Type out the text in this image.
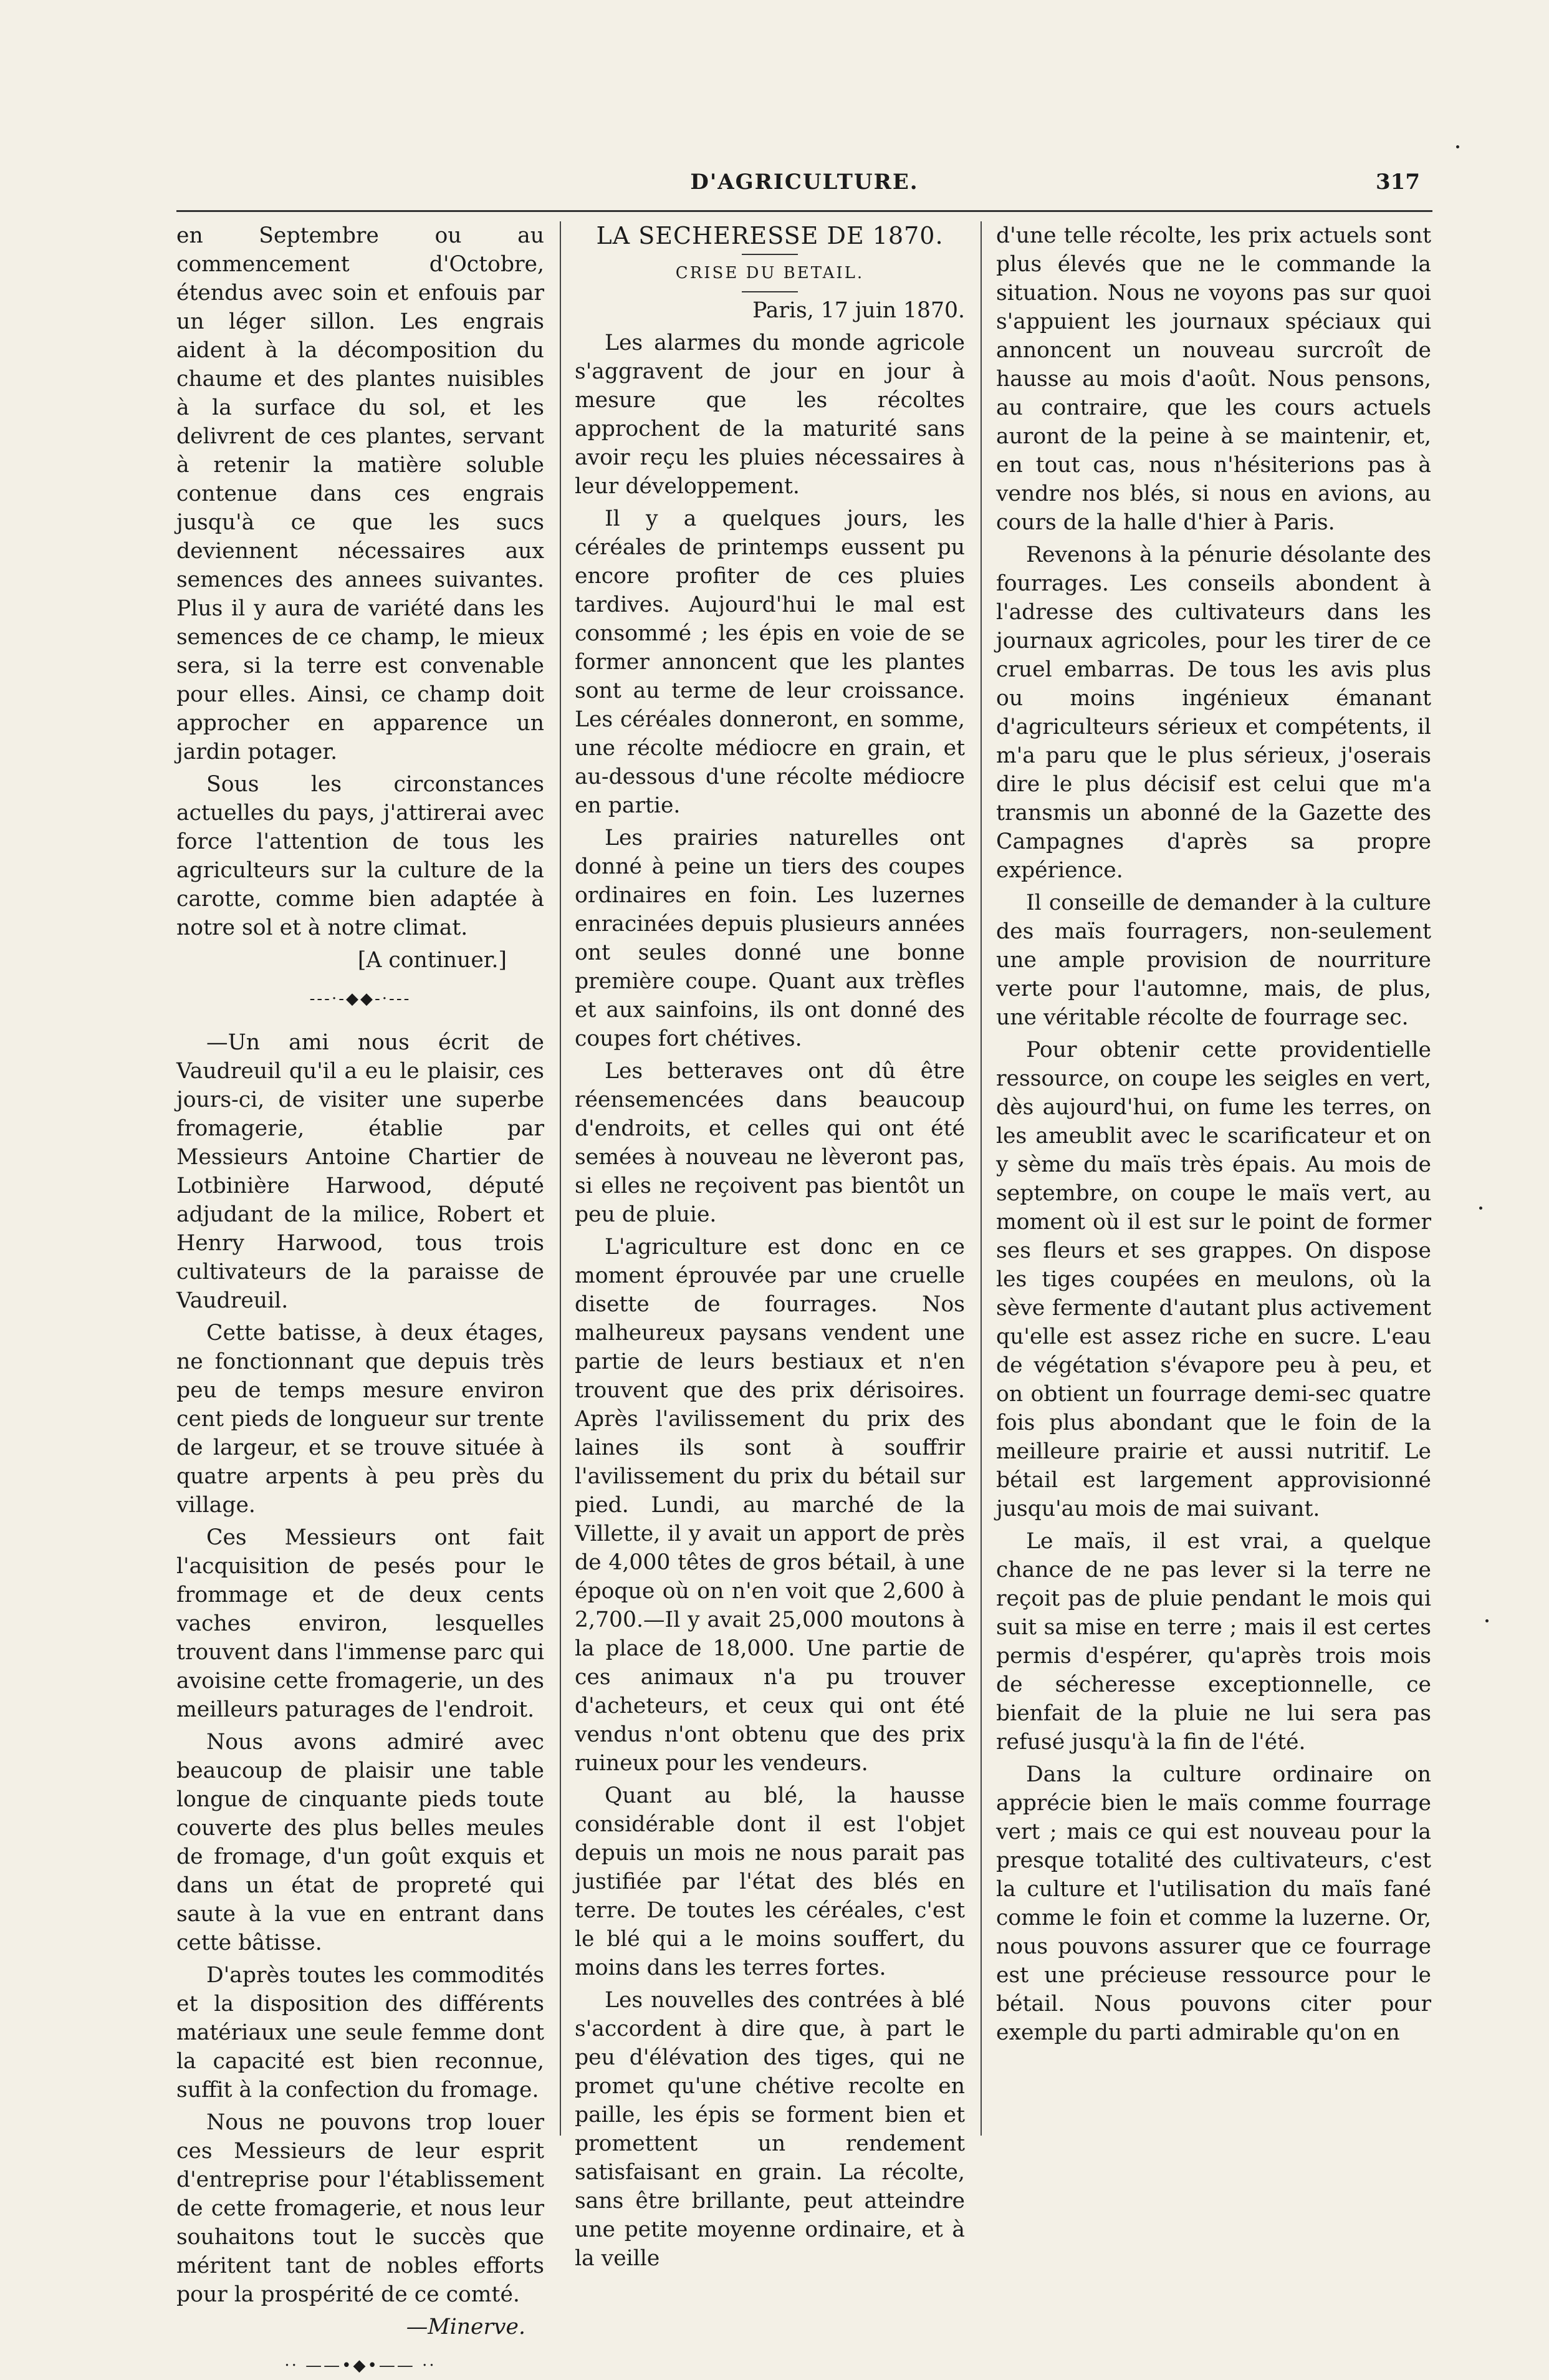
D'AGRICULTURE.	317

en Septembre ou au commencement d'Octobre, étendus avec soin et enfouis par un léger sillon. Les engrais aident à la décomposition du chaume et des plantes nuisibles à la surface du sol, et les delivrent de ces plantes, servant à retenir la matière soluble contenue dans ces engrais jusqu'à ce que les sucs deviennent nécessaires aux semences des annees suivantes. Plus il y aura de variété dans les semences de ce champ, le mieux sera, si la terre est convenable pour elles. Ainsi, ce champ doit approcher en apparence un jardin potager.

Sous les circonstances actuelles du pays, j'attirerai avec force l'attention de tous les agriculteurs sur la culture de la carotte, comme bien adaptée à notre sol et à notre climat.

[A continuer.]

---·-◆◆-·---

—Un ami nous écrit de Vaudreuil qu'il a eu le plaisir, ces jours-ci, de visiter une superbe fromagerie, établie par Messieurs Antoine Chartier de Lotbinière Harwood, député adjudant de la milice, Robert et Henry Harwood, tous trois cultivateurs de la paraisse de Vaudreuil.

Cette batisse, à deux étages, ne fonctionnant que depuis très peu de temps mesure environ cent pieds de longueur sur trente de largeur, et se trouve située à quatre arpents à peu près du village.

Ces Messieurs ont fait l'acquisition de pesés pour le frommage et de deux cents vaches environ, lesquelles trouvent dans l'immense parc qui avoisine cette fromagerie, un des meilleurs paturages de l'endroit.

Nous avons admiré avec beaucoup de plaisir une table longue de cinquante pieds toute couverte des plus belles meules de fromage, d'un goût exquis et dans un état de propreté qui saute à la vue en entrant dans cette bâtisse.

D'après toutes les commodités et la disposition des différents matériaux une seule femme dont la capacité est bien reconnue, suffit à la confection du fromage.

Nous ne pouvons trop louer ces Messieurs de leur esprit d'entreprise pour l'établissement de cette fromagerie, et nous leur souhaitons tout le succès que méritent tant de nobles efforts pour la prospérité de ce comté.

—Minerve.

·· ——•◆•—— ··

LA SECHERESSE DE 1870.

CRISE DU BETAIL.

Paris, 17 juin 1870.

Les alarmes du monde agricole s'aggravent de jour en jour à mesure que les récoltes approchent de la maturité sans avoir reçu les pluies nécessaires à leur développement.

Il y a quelques jours, les céréales de printemps eussent pu encore profiter de ces pluies tardives. Aujourd'hui le mal est consommé ; les épis en voie de se former annoncent que les plantes sont au terme de leur croissance. Les céréales donneront, en somme, une récolte médiocre en grain, et au-dessous d'une récolte médiocre en partie.

Les prairies naturelles ont donné à peine un tiers des coupes ordinaires en foin. Les luzernes enracinées depuis plusieurs années ont seules donné une bonne première coupe. Quant aux trèfles et aux sainfoins, ils ont donné des coupes fort chétives.

Les betteraves ont dû être réensemencées dans beaucoup d'endroits, et celles qui ont été semées à nouveau ne lèveront pas, si elles ne reçoivent pas bientôt un peu de pluie.

L'agriculture est donc en ce moment éprouvée par une cruelle disette de fourrages. Nos malheureux paysans vendent une partie de leurs bestiaux et n'en trouvent que des prix dérisoires. Après l'avilissement du prix des laines ils sont à souffrir l'avilissement du prix du bétail sur pied. Lundi, au marché de la Villette, il y avait un apport de près de 4,000 têtes de gros bétail, à une époque où on n'en voit que 2,600 à 2,700.—Il y avait 25,000 moutons à la place de 18,000. Une partie de ces animaux n'a pu trouver d'acheteurs, et ceux qui ont été vendus n'ont obtenu que des prix ruineux pour les vendeurs.

Quant au blé, la hausse considérable dont il est l'objet depuis un mois ne nous parait pas justifiée par l'état des blés en terre. De toutes les céréales, c'est le blé qui a le moins souffert, du moins dans les terres fortes.

Les nouvelles des contrées à blé s'accordent à dire que, à part le peu d'élévation des tiges, qui ne promet qu'une chétive recolte en paille, les épis se forment bien et promettent un rendement satisfaisant en grain. La récolte, sans être brillante, peut atteindre une petite moyenne ordinaire, et à la veille

d'une telle récolte, les prix actuels sont plus élevés que ne le commande la situation. Nous ne voyons pas sur quoi s'appuient les journaux spéciaux qui annoncent un nouveau surcroît de hausse au mois d'août. Nous pensons, au contraire, que les cours actuels auront de la peine à se maintenir, et, en tout cas, nous n'hésiterions pas à vendre nos blés, si nous en avions, au cours de la halle d'hier à Paris.

Revenons à la pénurie désolante des fourrages. Les conseils abondent à l'adresse des cultivateurs dans les journaux agricoles, pour les tirer de ce cruel embarras. De tous les avis plus ou moins ingénieux émanant d'agriculteurs sérieux et compétents, il m'a paru que le plus sérieux, j'oserais dire le plus décisif est celui que m'a transmis un abonné de la Gazette des Campagnes d'après sa propre expérience.

Il conseille de demander à la culture des maïs fourragers, non-seulement une ample provision de nourriture verte pour l'automne, mais, de plus, une véritable récolte de fourrage sec.

Pour obtenir cette providentielle ressource, on coupe les seigles en vert, dès aujourd'hui, on fume les terres, on les ameublit avec le scarificateur et on y sème du maïs très épais. Au mois de septembre, on coupe le maïs vert, au moment où il est sur le point de former ses fleurs et ses grappes. On dispose les tiges coupées en meulons, où la sève fermente d'autant plus activement qu'elle est assez riche en sucre. L'eau de végétation s'évapore peu à peu, et on obtient un fourrage demi-sec quatre fois plus abondant que le foin de la meilleure prairie et aussi nutritif. Le bétail est largement approvisionné jusqu'au mois de mai suivant.

Le maïs, il est vrai, a quelque chance de ne pas lever si la terre ne reçoit pas de pluie pendant le mois qui suit sa mise en terre ; mais il est certes permis d'espérer, qu'après trois mois de sécheresse exceptionnelle, ce bienfait de la pluie ne lui sera pas refusé jusqu'à la fin de l'été.

Dans la culture ordinaire on apprécie bien le maïs comme fourrage vert ; mais ce qui est nouveau pour la presque totalité des cultivateurs, c'est la culture et l'utilisation du maïs fané comme le foin et comme la luzerne. Or, nous pouvons assurer que ce fourrage est une précieuse ressource pour le bétail. Nous pouvons citer pour exemple du parti admirable qu'on en
